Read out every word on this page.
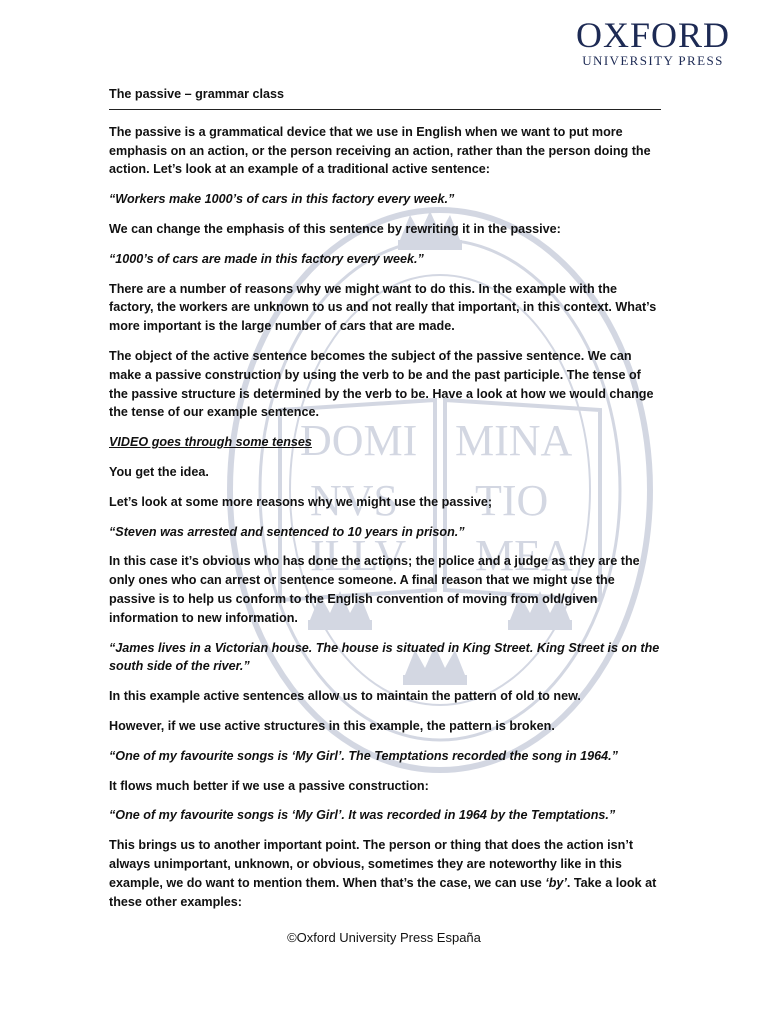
DOMI
NVS
ILLV
MINA
TIO
MEA
OXFORD
UNIVERSITY PRESS
The passive – grammar class

The passive is a grammatical device that we use in English when we want to put more emphasis on an action, or the person receiving an action, rather than the person doing the action. Let’s look at an example of a traditional active sentence:

“Workers make 1000’s of cars in this factory every week.”

We can change the emphasis of this sentence by rewriting it in the passive:

“1000’s of cars are made in this factory every week.”

There are a number of reasons why we might want to do this. In the example with the factory, the workers are unknown to us and not really that important, in this context. What’s more important is the large number of cars that are made.

The object of the active sentence becomes the subject of the passive sentence. We can make a passive construction by using the verb to be and the past participle. The tense of the passive structure is determined by the verb to be. Have a look at how we would change the tense of our example sentence.

VIDEO goes through some tenses

You get the idea.

Let’s look at some more reasons why we might use the passive;

“Steven was arrested and sentenced to 10 years in prison.”

In this case it’s obvious who has done the actions; the police and a judge as they are the only ones who can arrest or sentence someone. A final reason that we might use the passive is to help us conform to the English convention of moving from old/given information to new information.

“James lives in a Victorian house. The house is situated in King Street. King Street is on the south side of the river.”

In this example active sentences allow us to maintain the pattern of old to new.

However, if we use active structures in this example, the pattern is broken.

“One of my favourite songs is ‘My Girl’. The Temptations recorded the song in 1964.”

It flows much better if we use a passive construction:

“One of my favourite songs is ‘My Girl’. It was recorded in 1964 by the Temptations.”

This brings us to another important point. The person or thing that does the action isn’t always unimportant, unknown, or obvious, sometimes they are noteworthy like in this example, we do want to mention them. When that’s the case, we can use ‘by’. Take a look at these other examples:

©Oxford University Press España
